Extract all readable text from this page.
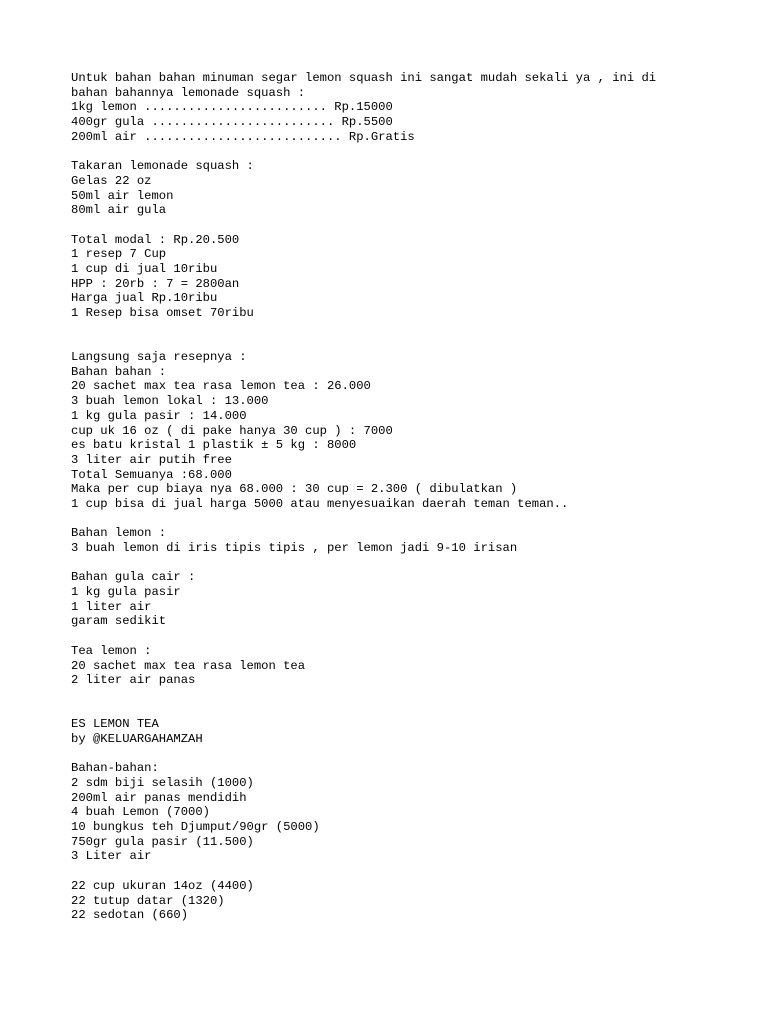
Untuk bahan bahan minuman segar lemon squash ini sangat mudah sekali ya , ini di
bahan bahannya lemonade squash :
1kg lemon ......................... Rp.15000
400gr gula ......................... Rp.5500
200ml air ........................... Rp.Gratis
Takaran lemonade squash :
Gelas 22 oz
50ml air lemon
80ml air gula
Total modal : Rp.20.500
1 resep 7 Cup
1 cup di jual 10ribu
HPP : 20rb : 7 = 2800an
Harga jual Rp.10ribu
1 Resep bisa omset 70ribu
Langsung saja resepnya :
Bahan bahan :
20 sachet max tea rasa lemon tea : 26.000
3 buah lemon lokal : 13.000
1 kg gula pasir : 14.000
cup uk 16 oz ( di pake hanya 30 cup ) : 7000
es batu kristal 1 plastik ± 5 kg : 8000
3 liter air putih free
Total Semuanya :68.000
Maka per cup biaya nya 68.000 : 30 cup = 2.300 ( dibulatkan )
1 cup bisa di jual harga 5000 atau menyesuaikan daerah teman teman..
Bahan lemon :
3 buah lemon di iris tipis tipis , per lemon jadi 9-10 irisan
Bahan gula cair :
1 kg gula pasir
1 liter air
garam sedikit
Tea lemon :
20 sachet max tea rasa lemon tea
2 liter air panas
ES LEMON TEA
by @KELUARGAHAMZAH
Bahan-bahan:
2 sdm biji selasih (1000)
200ml air panas mendidih
4 buah Lemon (7000)
10 bungkus teh Djumput/90gr (5000)
750gr gula pasir (11.500)
3 Liter air
22 cup ukuran 14oz (4400)
22 tutup datar (1320)
22 sedotan (660)
